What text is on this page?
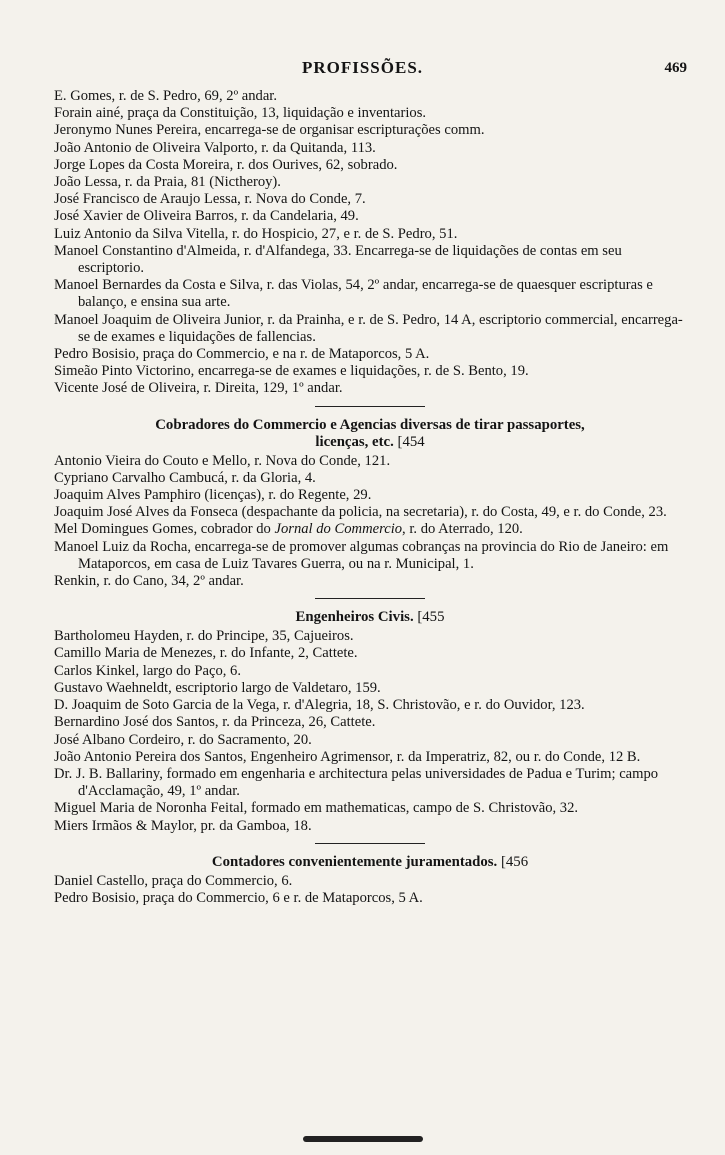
PROFISSÕES.	469

E. Gomes, r. de S. Pedro, 69, 2º andar.

Forain ainé, praça da Constituição, 13, liquidação e inventarios.

Jeronymo Nunes Pereira, encarrega-se de organisar escripturações comm.

João Antonio de Oliveira Valporto, r. da Quitanda, 113.

Jorge Lopes da Costa Moreira, r. dos Ourives, 62, sobrado.

João Lessa, r. da Praia, 81 (Nictheroy).

José Francisco de Araujo Lessa, r. Nova do Conde, 7.

José Xavier de Oliveira Barros, r. da Candelaria, 49.

Luiz Antonio da Silva Vitella, r. do Hospicio, 27, e r. de S. Pedro, 51.

Manoel Constantino d'Almeida, r. d'Alfandega, 33. Encarrega-se de liquidações de contas em seu escriptorio.

Manoel Bernardes da Costa e Silva, r. das Violas, 54, 2º andar, encarrega-se de quaesquer escripturas e balanço, e ensina sua arte.

Manoel Joaquim de Oliveira Junior, r. da Prainha, e r. de S. Pedro, 14 A, escriptorio commercial, encarrega-se de exames e liquidações de fallencias.

Pedro Bosisio, praça do Commercio, e na r. de Mataporcos, 5 A.

Simeão Pinto Victorino, encarrega-se de exames e liquidações, r. de S. Bento, 19.

Vicente José de Oliveira, r. Direita, 129, 1º andar.

Cobradores do Commercio e Agencias diversas de tirar passaportes,

licenças, etc. [454

Antonio Vieira do Couto e Mello, r. Nova do Conde, 121.

Cypriano Carvalho Cambucá, r. da Gloria, 4.

Joaquim Alves Pamphiro (licenças), r. do Regente, 29.

Joaquim José Alves da Fonseca (despachante da policia, na secretaria), r. do Costa, 49, e r. do Conde, 23.

Mel Domingues Gomes, cobrador do Jornal do Commercio, r. do Aterrado, 120.

Manoel Luiz da Rocha, encarrega-se de promover algumas cobranças na provincia do Rio de Janeiro: em Mataporcos, em casa de Luiz Tavares Guerra, ou na r. Municipal, 1.

Renkin, r. do Cano, 34, 2º andar.

Engenheiros Civis. [455

Bartholomeu Hayden, r. do Principe, 35, Cajueiros.

Camillo Maria de Menezes, r. do Infante, 2, Cattete.

Carlos Kinkel, largo do Paço, 6.

Gustavo Waehneldt, escriptorio largo de Valdetaro, 159.

D. Joaquim de Soto Garcia de la Vega, r. d'Alegria, 18, S. Christovão, e r. do Ouvidor, 123.

Bernardino José dos Santos, r. da Princeza, 26, Cattete.

José Albano Cordeiro, r. do Sacramento, 20.

João Antonio Pereira dos Santos, Engenheiro Agrimensor, r. da Imperatriz, 82, ou r. do Conde, 12 B.

Dr. J. B. Ballariny, formado em engenharia e architectura pelas universidades de Padua e Turim; campo d'Acclamação, 49, 1º andar.

Miguel Maria de Noronha Feital, formado em mathematicas, campo de S. Christovão, 32.

Miers Irmãos & Maylor, pr. da Gamboa, 18.

Contadores convenientemente juramentados. [456

Daniel Castello, praça do Commercio, 6.

Pedro Bosisio, praça do Commercio, 6 e r. de Mataporcos, 5 A.
